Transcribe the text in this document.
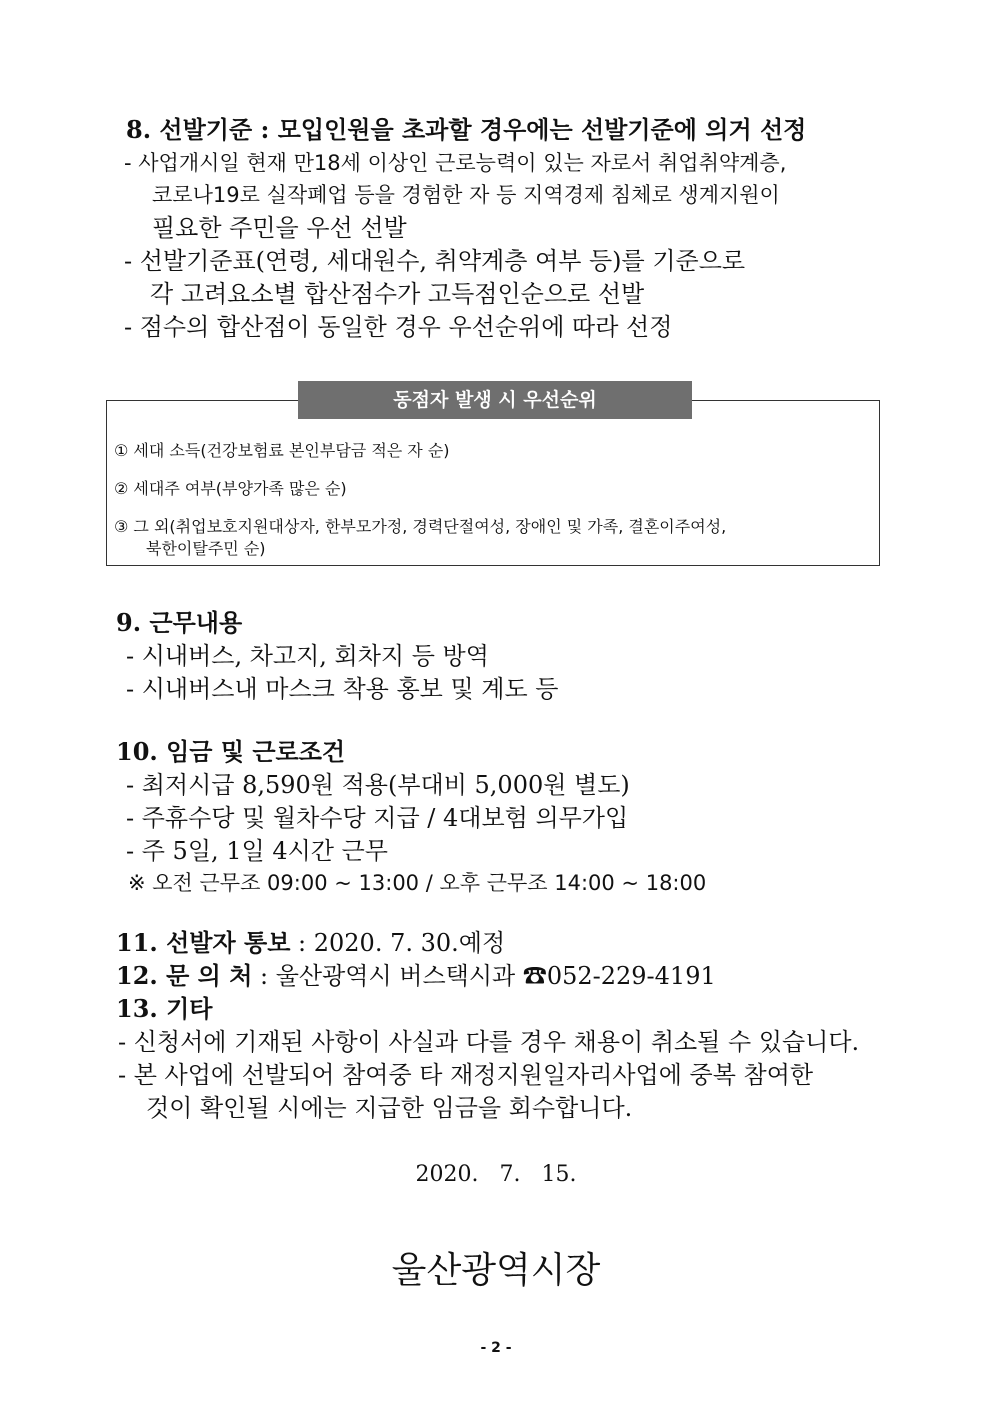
8. 선발기준 : 모입인원을 초과할 경우에는 선발기준에 의거 선정
- 사업개시일 현재 만18세 이상인 근로능력이 있는 자로서 취업취약계층,
코로나19로 실작폐업 등을 경험한 자 등 지역경제 침체로 생계지원이
필요한 주민을 우선 선발
- 선발기준표(연령, 세대원수, 취약계층 여부 등)를 기준으로
각 고려요소별 합산점수가 고득점인순으로 선발
- 점수의 합산점이 동일한 경우 우선순위에 따라 선정
동점자 발생 시 우선순위
① 세대 소득(건강보험료 본인부담금 적은 자 순)
② 세대주 여부(부양가족 많은 순)
③ 그 외(취업보호지원대상자, 한부모가정, 경력단절여성, 장애인 및 가족, 결혼이주여성,
북한이탈주민 순)
9. 근무내용
- 시내버스, 차고지, 회차지 등 방역
- 시내버스내 마스크 착용 홍보 및 계도 등
10. 임금 및 근로조건
- 최저시급 8,590원 적용(부대비 5,000원 별도)
- 주휴수당 및 월차수당 지급 / 4대보험 의무가입
- 주 5일, 1일 4시간 근무
※ 오전 근무조 09:00 ~ 13:00 / 오후 근무조 14:00 ~ 18:00
11. 선발자 통보 : 2020. 7. 30.예정
12. 문 의 처 : 울산광역시 버스택시과 ☎052-229-4191
13. 기타
- 신청서에 기재된 사항이 사실과 다를 경우 채용이 취소될 수 있습니다.
- 본 사업에 선발되어 참여중 타 재정지원일자리사업에 중복 참여한
것이 확인될 시에는 지급한 임금을 회수합니다.
2020.   7.   15.
울산광역시장
- 2 -
